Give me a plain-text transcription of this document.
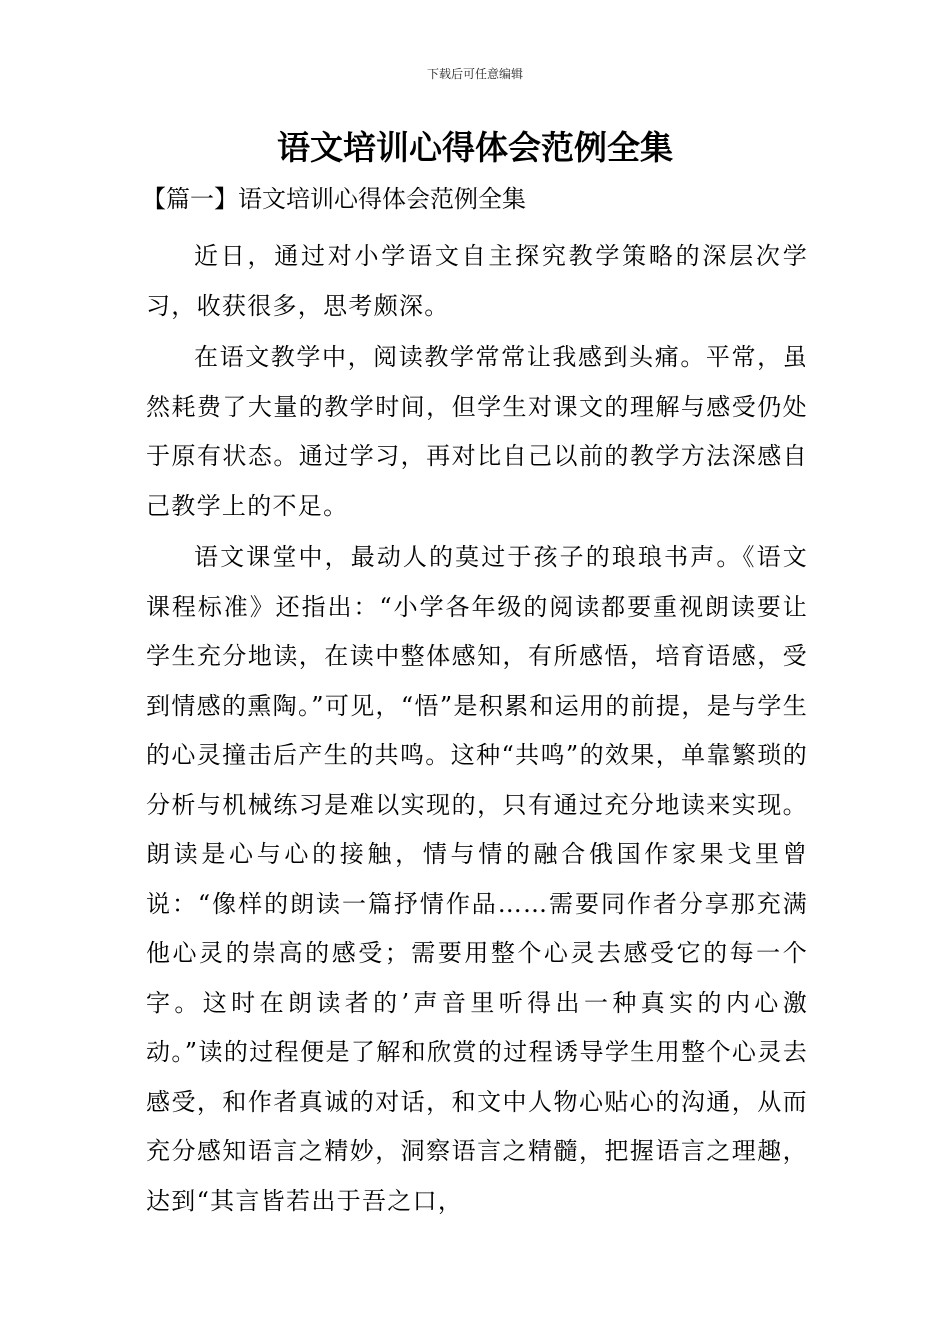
下载后可任意编辑
语文培训心得体会范例全集
【篇一】语文培训心得体会范例全集

近日，通过对小学语文自主探究教学策略的深层次学习，收获很多，思考颇深。

在语文教学中，阅读教学常常让我感到头痛。平常，虽然耗费了大量的教学时间，但学生对课文的理解与感受仍处于原有状态。通过学习，再对比自己以前的教学方法深感自己教学上的不足。

语文课堂中，最动人的莫过于孩子的琅琅书声。《语文课程标准》还指出：“小学各年级的阅读都要重视朗读要让学生充分地读，在读中整体感知，有所感悟，培育语感，受到情感的熏陶。”可见，“悟”是积累和运用的前提，是与学生的心灵撞击后产生的共鸣。这种“共鸣”的效果，单靠繁琐的分析与机械练习是难以实现的，只有通过充分地读来实现。朗读是心与心的接触，情与情的融合俄国作家果戈里曾说：“像样的朗读一篇抒情作品……需要同作者分享那充满他心灵的崇高的感受；需要用整个心灵去感受它的每一个字。这时在朗读者的’声音里听得出一种真实的内心激动。”读的过程便是了解和欣赏的过程诱导学生用整个心灵去感受，和作者真诚的对话，和文中人物心贴心的沟通，从而充分感知语言之精妙，洞察语言之精髓，把握语言之理趣，达到“其言皆若出于吾之口，
